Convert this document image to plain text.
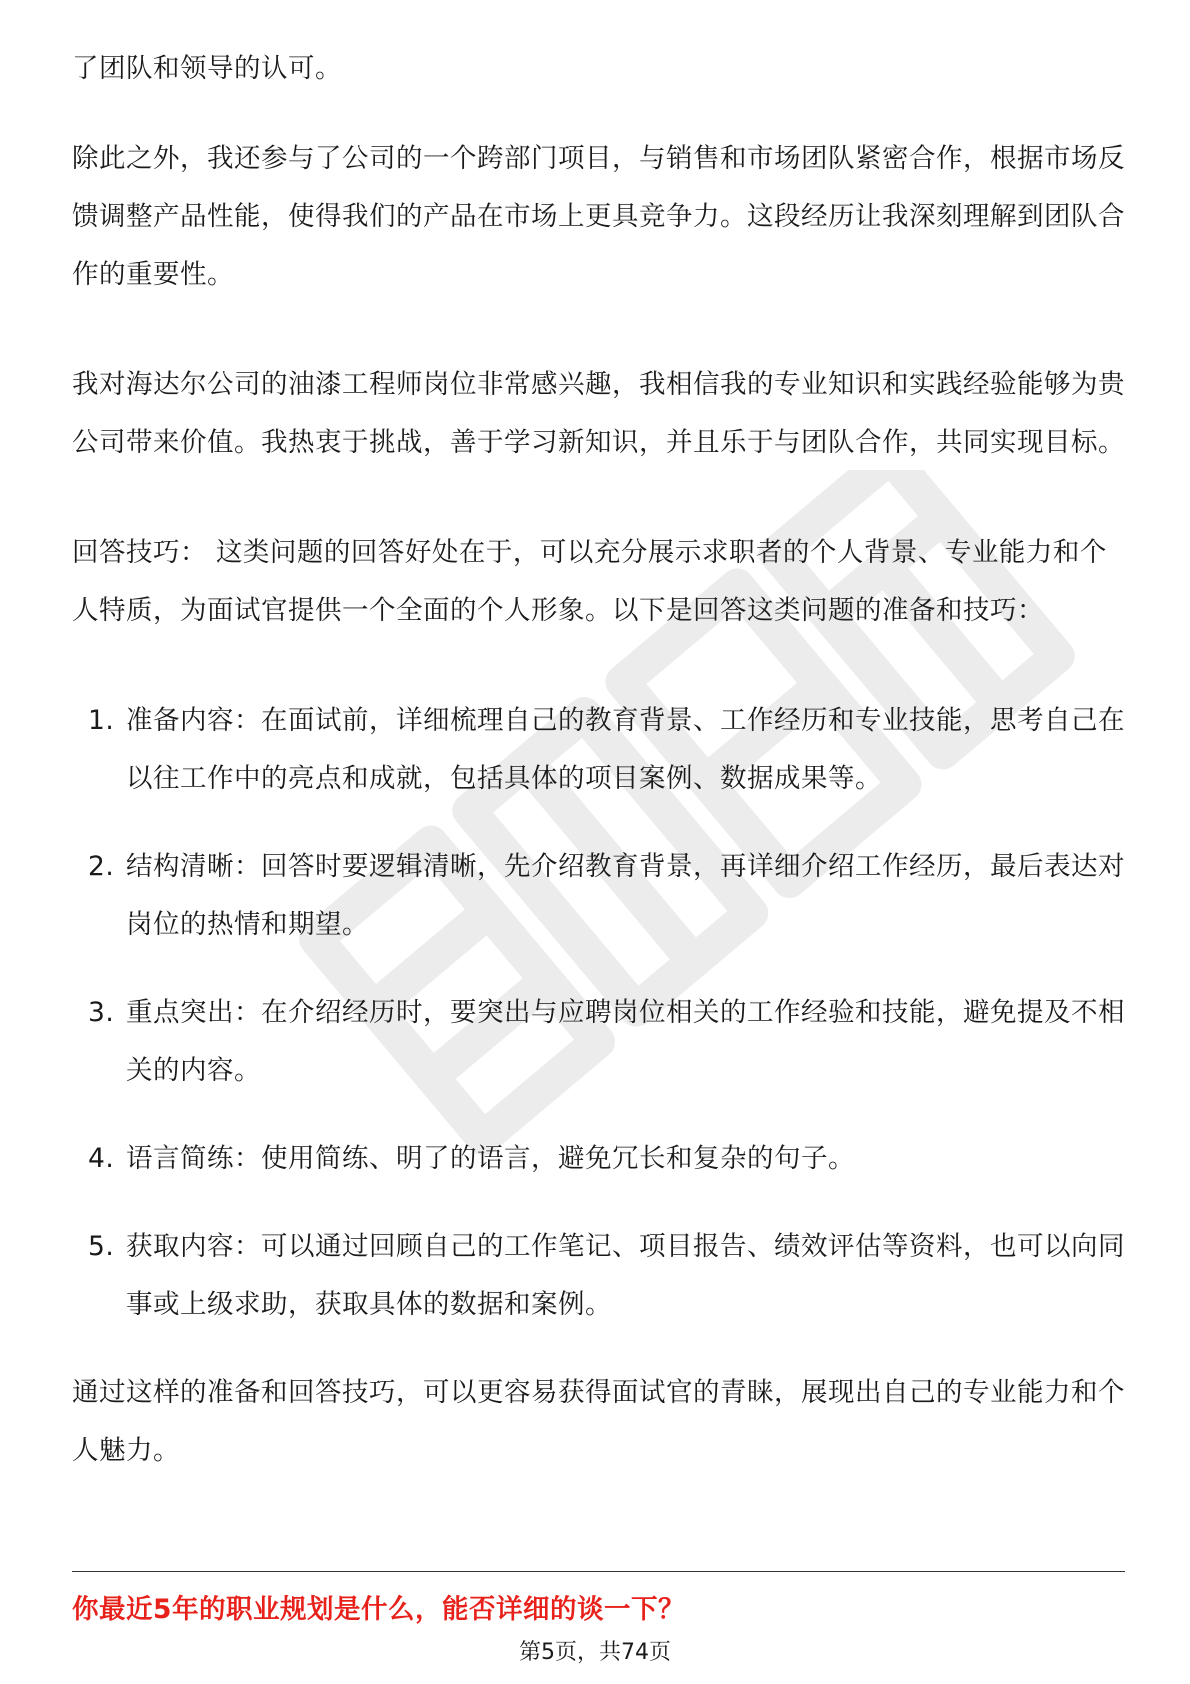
了团队和领导的认可。

除此之外，我还参与了公司的一个跨部门项目，与销售和市场团队紧密合作，根据市场反馈调整产品性能，使得我们的产品在市场上更具竞争力。这段经历让我深刻理解到团队合作的重要性。

我对海达尔公司的油漆工程师岗位非常感兴趣，我相信我的专业知识和实践经验能够为贵公司带来价值。我热衷于挑战，善于学习新知识，并且乐于与团队合作，共同实现目标。

回答技巧： 这类问题的回答好处在于，可以充分展示求职者的个人背景、专业能力和个人特质，为面试官提供一个全面的个人形象。以下是回答这类问题的准备和技巧：

1. 准备内容：在面试前，详细梳理自己的教育背景、工作经历和专业技能，思考自己在以往工作中的亮点和成就，包括具体的项目案例、数据成果等。
2. 结构清晰：回答时要逻辑清晰，先介绍教育背景，再详细介绍工作经历，最后表达对岗位的热情和期望。
3. 重点突出：在介绍经历时，要突出与应聘岗位相关的工作经验和技能，避免提及不相关的内容。
4. 语言简练：使用简练、明了的语言，避免冗长和复杂的句子。
5. 获取内容：可以通过回顾自己的工作笔记、项目报告、绩效评估等资料，也可以向同事或上级求助，获取具体的数据和案例。

通过这样的准备和回答技巧，可以更容易获得面试官的青睐，展现出自己的专业能力和个人魅力。

你最近5年的职业规划是什么，能否详细的谈一下？
第5页，共74页
